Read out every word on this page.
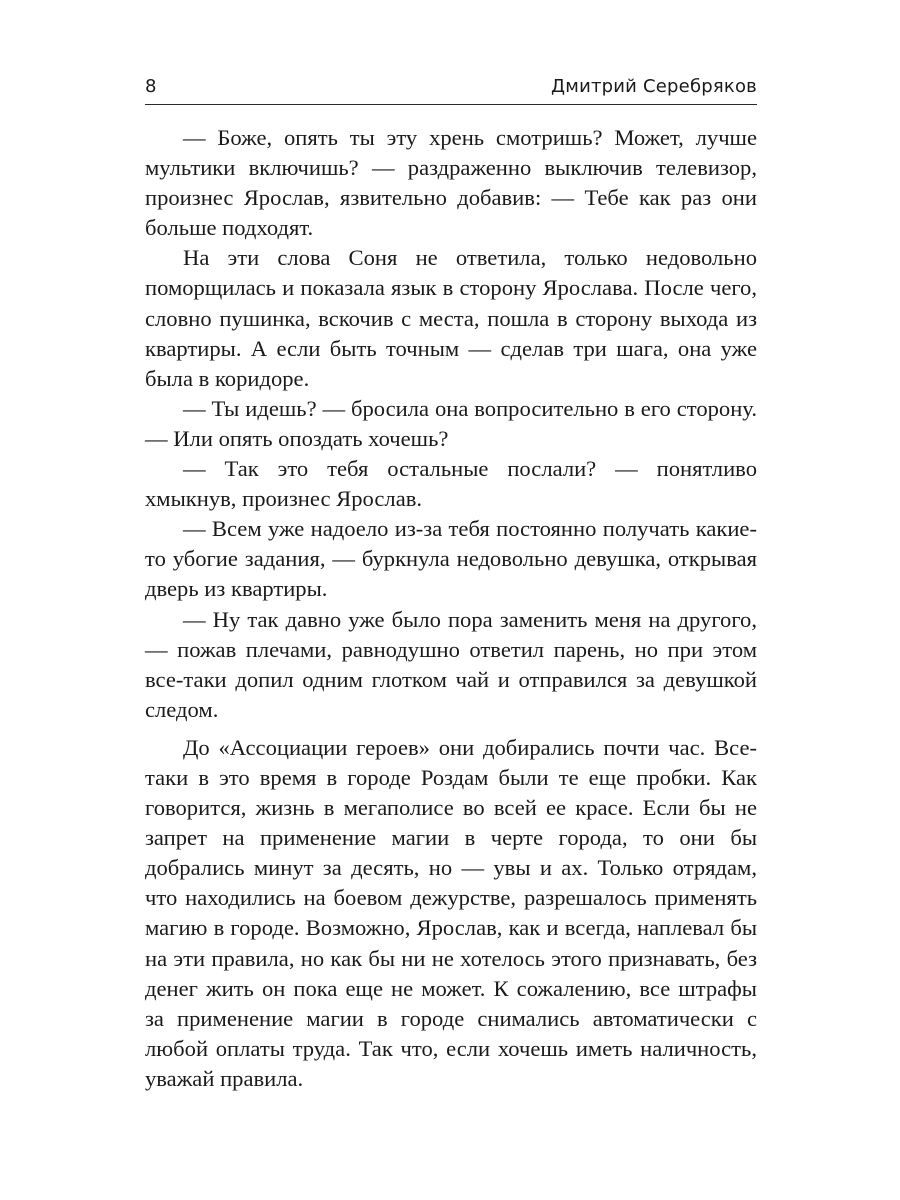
8	Дмитрий Серебряков

— Боже, опять ты эту хрень смотришь? Может, лучше мультики включишь? — раздраженно выключив телевизор, произнес Ярослав, язвительно добавив: — Тебе как раз они больше подходят.

На эти слова Соня не ответила, только недовольно поморщилась и показала язык в сторону Ярослава. После чего, словно пушинка, вскочив с места, пошла в сторону выхода из квартиры. А если быть точным — сделав три шага, она уже была в коридоре.

— Ты идешь? — бросила она вопросительно в его сторону. — Или опять опоздать хочешь?

— Так это тебя остальные послали? — понятливо хмыкнув, произнес Ярослав.

— Всем уже надоело из-за тебя постоянно получать какие-то убогие задания, — буркнула недовольно девушка, открывая дверь из квартиры.

— Ну так давно уже было пора заменить меня на другого, — пожав плечами, равнодушно ответил парень, но при этом все-таки допил одним глотком чай и отправился за девушкой следом.

До «Ассоциации героев» они добирались почти час. Все-таки в это время в городе Роздам были те еще пробки. Как говорится, жизнь в мегаполисе во всей ее красе. Если бы не запрет на применение магии в черте города, то они бы добрались минут за десять, но — увы и ах. Только отрядам, что находились на боевом дежурстве, разрешалось применять магию в городе. Возможно, Ярослав, как и всегда, наплевал бы на эти правила, но как бы ни не хотелось этого признавать, без денег жить он пока еще не может. К сожалению, все штрафы за применение магии в городе снимались автоматически с любой оплаты труда. Так что, если хочешь иметь наличность, уважай правила.
